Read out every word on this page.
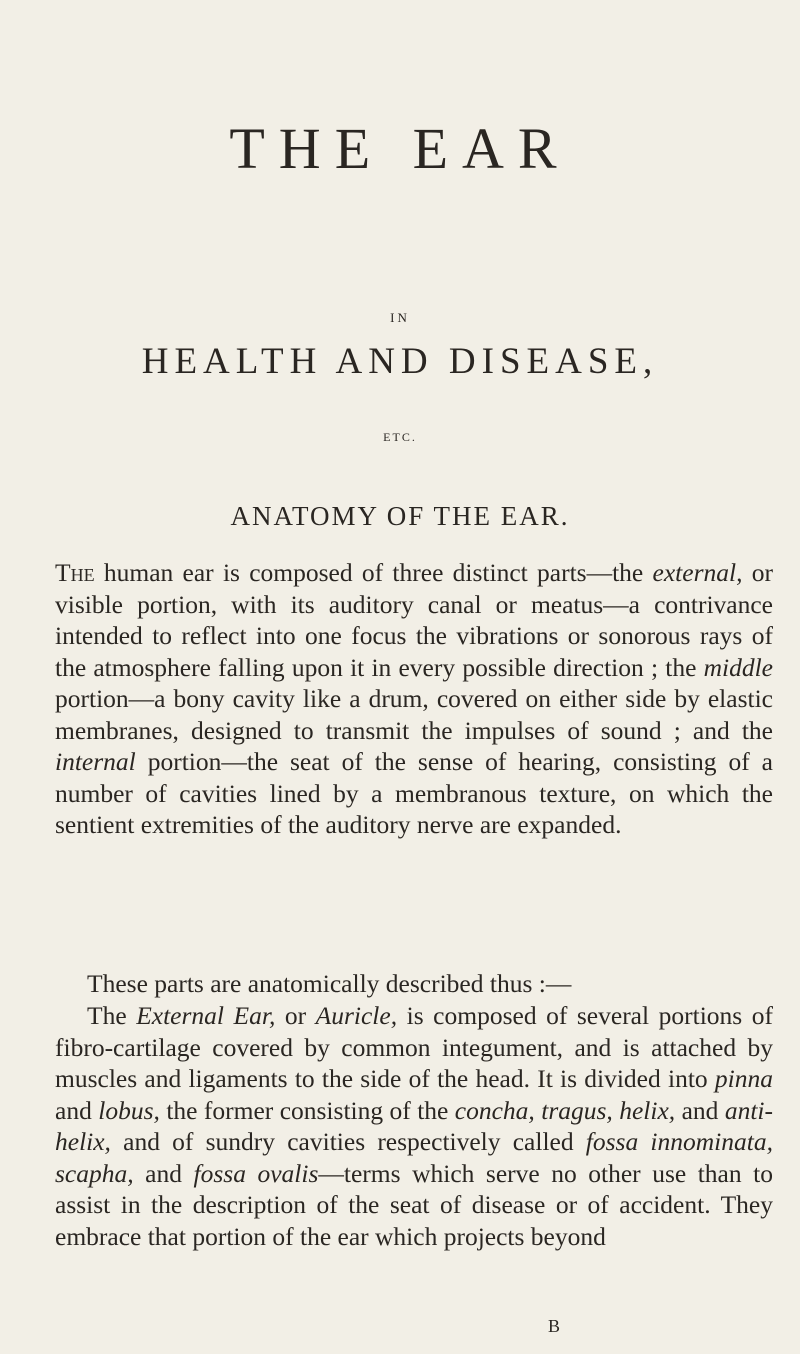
THE EAR
IN
HEALTH AND DISEASE,
ETC.
ANATOMY OF THE EAR.
The human ear is composed of three distinct parts—the external, or visible portion, with its auditory canal or meatus—a contrivance intended to reflect into one focus the vibrations or sonorous rays of the atmosphere falling upon it in every possible direction ; the middle portion—a bony cavity like a drum, covered on either side by elastic membranes, designed to transmit the impulses of sound ; and the internal portion—the seat of the sense of hearing, consisting of a number of cavities lined by a membranous texture, on which the sentient extremities of the auditory nerve are expanded.
These parts are anatomically described thus :—
The External Ear, or Auricle, is composed of several portions of fibro-cartilage covered by common integument, and is attached by muscles and ligaments to the side of the head. It is divided into pinna and lobus, the former consisting of the concha, tragus, helix, and anti-helix, and of sundry cavities respectively called fossa innominata, scapha, and fossa ovalis—terms which serve no other use than to assist in the description of the seat of disease or of accident. They embrace that portion of the ear which projects beyond
B
